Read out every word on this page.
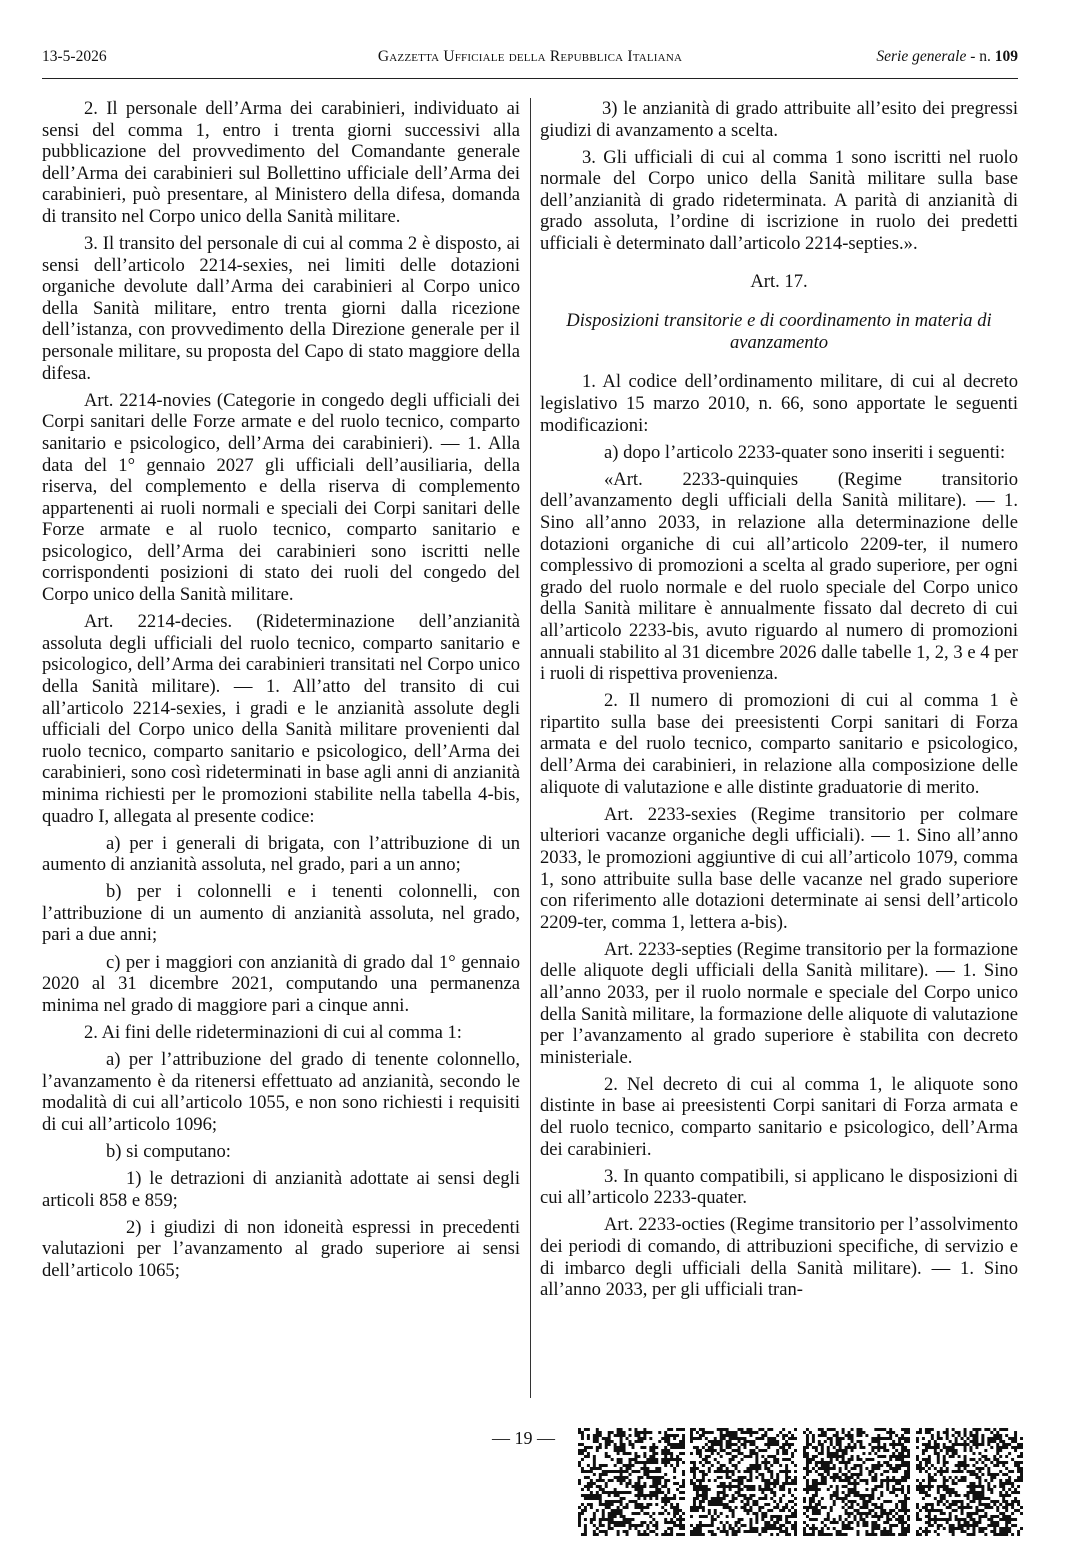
13-5-2026	Gazzetta Ufficiale della Repubblica Italiana	Serie generale - n. 109

2. Il personale dell’Arma dei carabinieri, individuato ai sensi del comma 1, entro i trenta giorni successivi alla pubblicazione del provvedimento del Comandante generale dell’Arma dei carabinieri sul Bollettino ufficiale dell’Arma dei carabinieri, può presentare, al Ministero della difesa, domanda di transito nel Corpo unico della Sanità militare.

3. Il transito del personale di cui al comma 2 è disposto, ai sensi dell’articolo 2214-sexies, nei limiti delle dotazioni organiche devolute dall’Arma dei carabinieri al Corpo unico della Sanità militare, entro trenta giorni dalla ricezione dell’istanza, con provvedimento della Direzione generale per il personale militare, su proposta del Capo di stato maggiore della difesa.

Art. 2214-novies (Categorie in congedo degli ufficiali dei Corpi sanitari delle Forze armate e del ruolo tecnico, comparto sanitario e psicologico, dell’Arma dei carabinieri). — 1. Alla data del 1° gennaio 2027 gli ufficiali dell’ausiliaria, della riserva, del complemento e della riserva di complemento appartenenti ai ruoli normali e speciali dei Corpi sanitari delle Forze armate e al ruolo tecnico, comparto sanitario e psicologico, dell’Arma dei carabinieri sono iscritti nelle corrispondenti posizioni di stato dei ruoli del congedo del Corpo unico della Sanità militare.

Art. 2214-decies. (Rideterminazione dell’anzianità assoluta degli ufficiali del ruolo tecnico, comparto sanitario e psicologico, dell’Arma dei carabinieri transitati nel Corpo unico della Sanità militare). — 1. All’atto del transito di cui all’articolo 2214-sexies, i gradi e le anzianità assolute degli ufficiali del Corpo unico della Sanità militare provenienti dal ruolo tecnico, comparto sanitario e psicologico, dell’Arma dei carabinieri, sono così rideterminati in base agli anni di anzianità minima richiesti per le promozioni stabilite nella tabella 4-bis, quadro I, allegata al presente codice:

a) per i generali di brigata, con l’attribuzione di un aumento di anzianità assoluta, nel grado, pari a un anno;

b) per i colonnelli e i tenenti colonnelli, con l’attribuzione di un aumento di anzianità assoluta, nel grado, pari a due anni;

c) per i maggiori con anzianità di grado dal 1° gennaio 2020 al 31 dicembre 2021, computando una permanenza minima nel grado di maggiore pari a cinque anni.

2. Ai fini delle rideterminazioni di cui al comma 1:

a) per l’attribuzione del grado di tenente colonnello, l’avanzamento è da ritenersi effettuato ad anzianità, secondo le modalità di cui all’articolo 1055, e non sono richiesti i requisiti di cui all’articolo 1096;

b) si computano:

1) le detrazioni di anzianità adottate ai sensi degli articoli 858 e 859;

2) i giudizi di non idoneità espressi in precedenti valutazioni per l’avanzamento al grado superiore ai sensi dell’articolo 1065;

3) le anzianità di grado attribuite all’esito dei pregressi giudizi di avanzamento a scelta.

3. Gli ufficiali di cui al comma 1 sono iscritti nel ruolo normale del Corpo unico della Sanità militare sulla base dell’anzianità di grado rideterminata. A parità di anzianità di grado assoluta, l’ordine di iscrizione in ruolo dei predetti ufficiali è determinato dall’articolo 2214-septies.».

Art. 17.

Disposizioni transitorie e di coordinamento in materia di avanzamento

1. Al codice dell’ordinamento militare, di cui al decreto legislativo 15 marzo 2010, n. 66, sono apportate le seguenti modificazioni:

a) dopo l’articolo 2233-quater sono inseriti i seguenti:

«Art. 2233-quinquies (Regime transitorio dell’avanzamento degli ufficiali della Sanità militare). — 1. Sino all’anno 2033, in relazione alla determinazione delle dotazioni organiche di cui all’articolo 2209-ter, il numero complessivo di promozioni a scelta al grado superiore, per ogni grado del ruolo normale e del ruolo speciale del Corpo unico della Sanità militare è annualmente fissato dal decreto di cui all’articolo 2233-bis, avuto riguardo al numero di promozioni annuali stabilito al 31 dicembre 2026 dalle tabelle 1, 2, 3 e 4 per i ruoli di rispettiva provenienza.

2. Il numero di promozioni di cui al comma 1 è ripartito sulla base dei preesistenti Corpi sanitari di Forza armata e del ruolo tecnico, comparto sanitario e psicologico, dell’Arma dei carabinieri, in relazione alla composizione delle aliquote di valutazione e alle distinte graduatorie di merito.

Art. 2233-sexies (Regime transitorio per colmare ulteriori vacanze organiche degli ufficiali). — 1. Sino all’anno 2033, le promozioni aggiuntive di cui all’articolo 1079, comma 1, sono attribuite sulla base delle vacanze nel grado superiore con riferimento alle dotazioni determinate ai sensi dell’articolo 2209-ter, comma 1, lettera a-bis).

Art. 2233-septies (Regime transitorio per la formazione delle aliquote degli ufficiali della Sanità militare). — 1. Sino all’anno 2033, per il ruolo normale e speciale del Corpo unico della Sanità militare, la formazione delle aliquote di valutazione per l’avanzamento al grado superiore è stabilita con decreto ministeriale.

2. Nel decreto di cui al comma 1, le aliquote sono distinte in base ai preesistenti Corpi sanitari di Forza armata e del ruolo tecnico, comparto sanitario e psicologico, dell’Arma dei carabinieri.

3. In quanto compatibili, si applicano le disposizioni di cui all’articolo 2233-quater.

Art. 2233-octies (Regime transitorio per l’assolvimento dei periodi di comando, di attribuzioni specifiche, di servizio e di imbarco degli ufficiali della Sanità militare). — 1. Sino all’anno 2033, per gli ufficiali tran-

— 19 —
